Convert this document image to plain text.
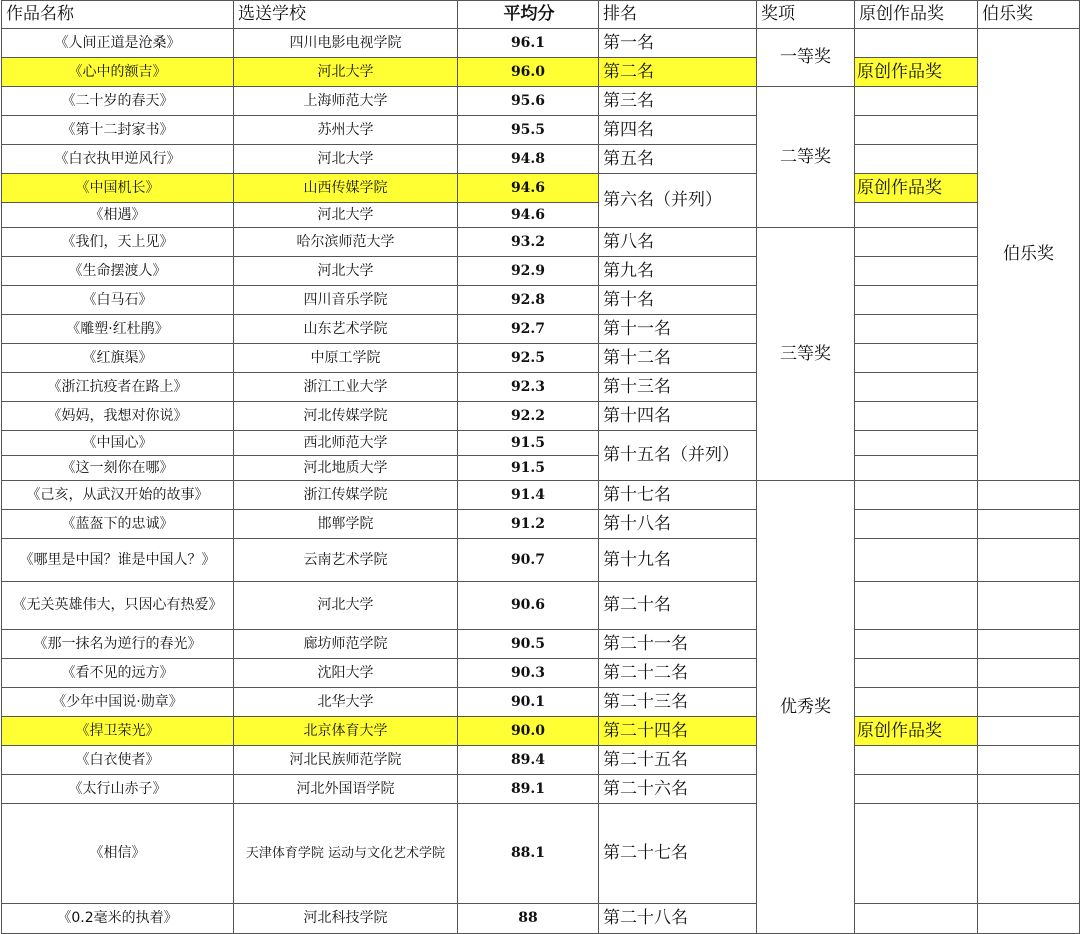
作品名称	选送学校	平均分	排名	奖项	原创作品奖	伯乐奖
《人间正道是沧桑》	四川电影电视学院	96.1	第一名	一等奖		伯乐奖
《心中的额吉》	河北大学	96.0	第二名		原创作品奖	
《二十岁的春天》	上海师范大学	95.6	第三名	二等奖		
《第十二封家书》	苏州大学	95.5	第四名			
《白衣执甲逆风行》	河北大学	94.8	第五名			
《中国机长》	山西传媒学院	94.6	第六名（并列）		原创作品奖	
《相遇》	河北大学	94.6				
《我们，天上见》	哈尔滨师范大学	93.2	第八名	三等奖		
《生命摆渡人》	河北大学	92.9	第九名			
《白马石》	四川音乐学院	92.8	第十名			
《雕塑·红杜鹃》	山东艺术学院	92.7	第十一名			
《红旗渠》	中原工学院	92.5	第十二名			
《浙江抗疫者在路上》	浙江工业大学	92.3	第十三名			
《妈妈，我想对你说》	河北传媒学院	92.2	第十四名			
《中国心》	西北师范大学	91.5	第十五名（并列）			
《这一刻你在哪》	河北地质大学	91.5				
《己亥，从武汉开始的故事》	浙江传媒学院	91.4	第十七名	优秀奖		
《蓝盔下的忠诚》	邯郸学院	91.2	第十八名			
《哪里是中国？谁是中国人？》	云南艺术学院	90.7	第十九名			
《无关英雄伟大，只因心有热爱》	河北大学	90.6	第二十名			
《那一抹名为逆行的春光》	廊坊师范学院	90.5	第二十一名			
《看不见的远方》	沈阳大学	90.3	第二十二名			
《少年中国说·勋章》	北华大学	90.1	第二十三名			
《捍卫荣光》	北京体育大学	90.0	第二十四名		原创作品奖	
《白衣使者》	河北民族师范学院	89.4	第二十五名			
《太行山赤子》	河北外国语学院	89.1	第二十六名			
《相信》	天津体育学院 运动与文化艺术学院	88.1	第二十七名			
《0.2毫米的执着》	河北科技学院	88	第二十八名			
